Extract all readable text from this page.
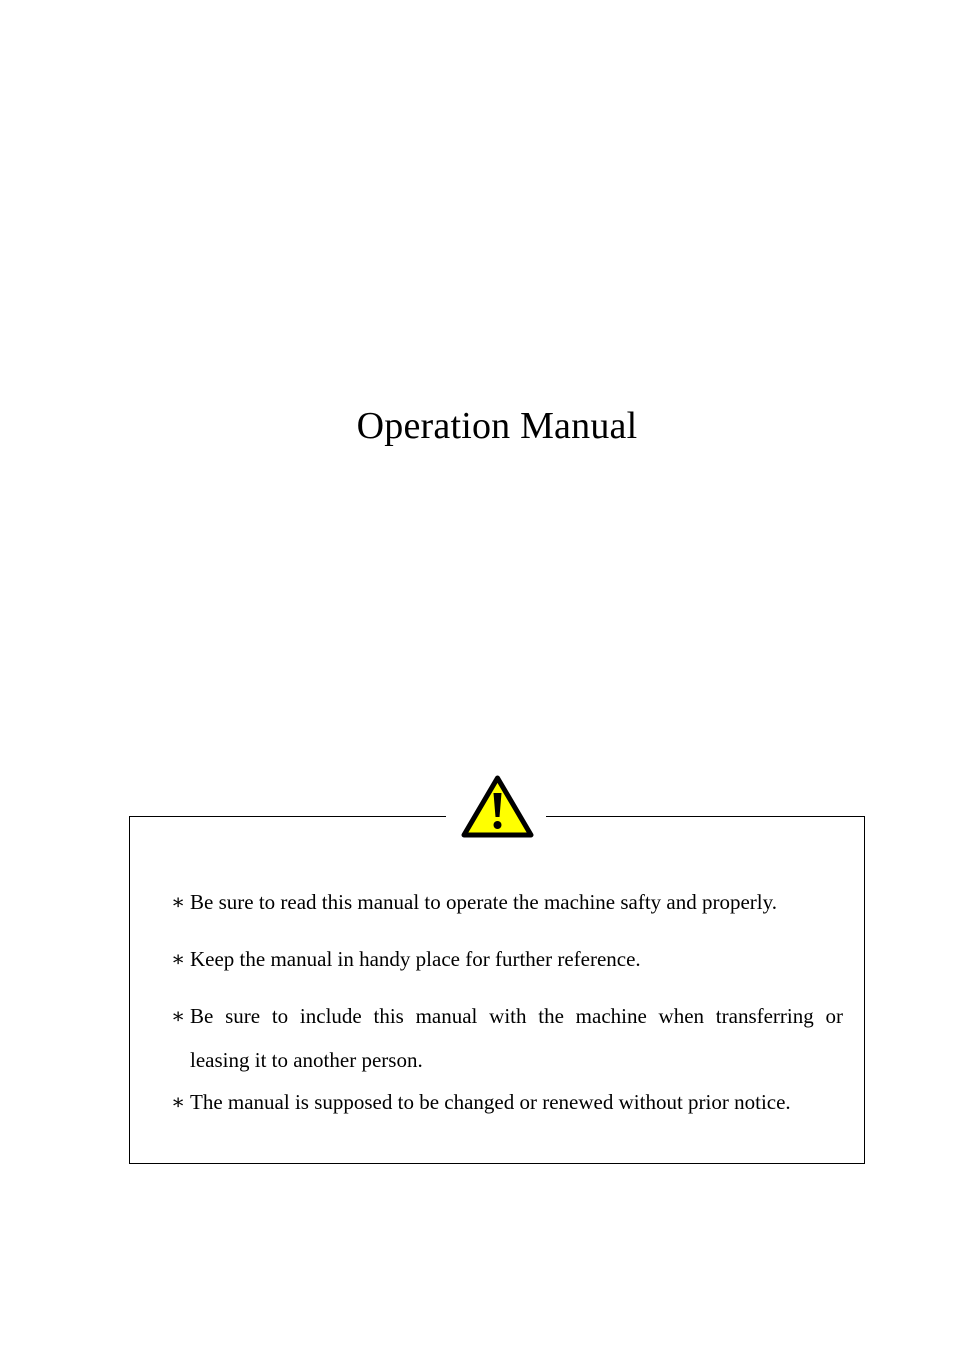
Operation Manual
∗ Be sure to read this manual to operate the machine safty and properly.
∗ Keep the manual in handy place for further reference.
∗ Be sure to include this manual with the machine when transferring or
leasing it to another person.
∗ The manual is supposed to be changed or renewed without prior notice.
